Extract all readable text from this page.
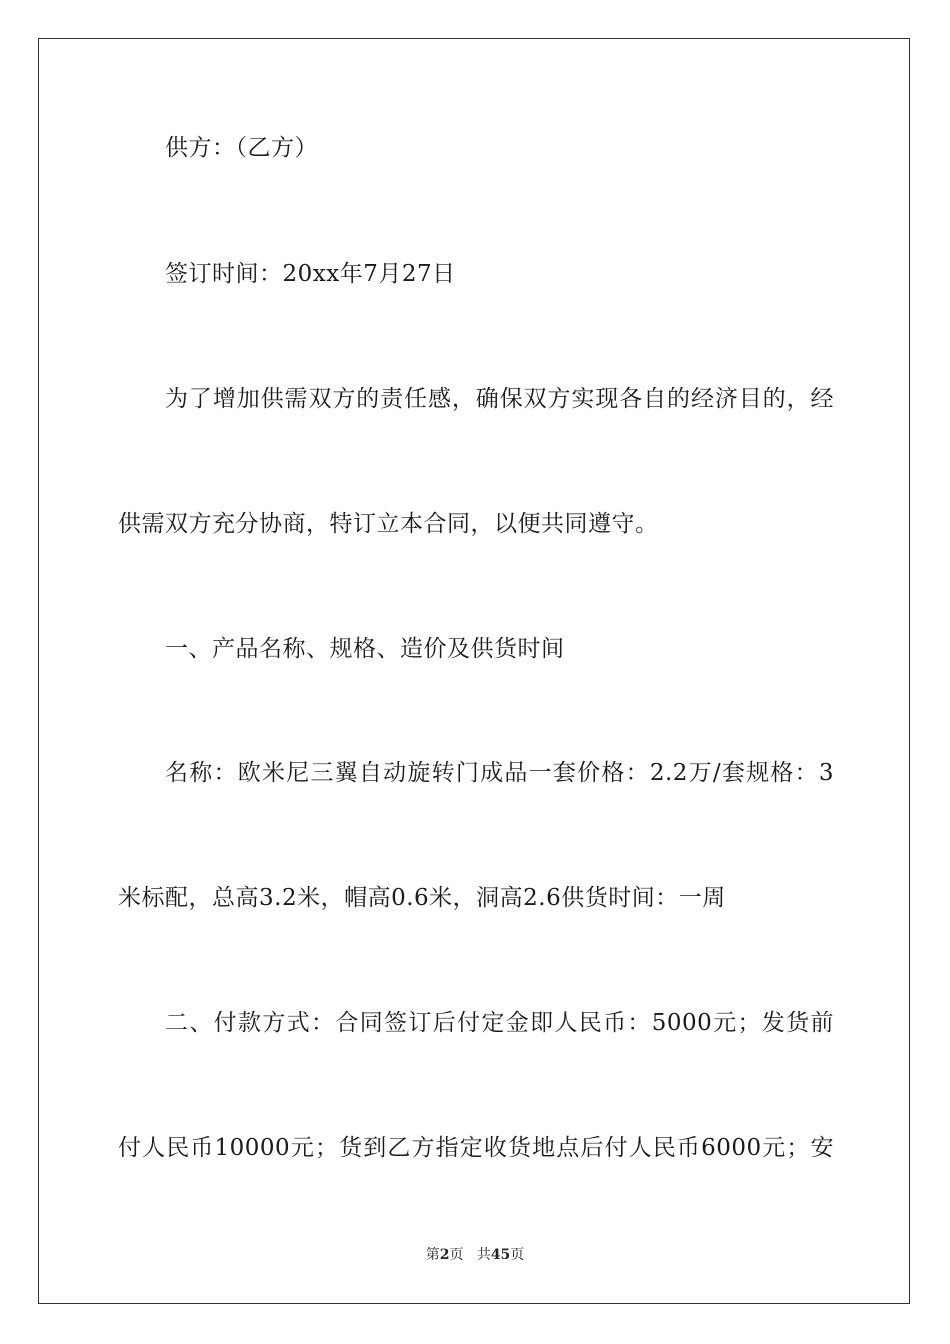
供方：（乙方）
签订时间：20xx年7月27日
为了增加供需双方的责任感，确保双方实现各自的经济目的，经
供需双方充分协商，特订立本合同，以便共同遵守。
一、产品名称、规格、造价及供货时间
名称：欧米尼三翼自动旋转门成品一套价格：2.2万/套规格：3
米标配，总高3.2米，帽高0.6米，洞高2.6供货时间：一周
二、付款方式：合同签订后付定金即人民币：5000元；发货前
付人民币10000元；货到乙方指定收货地点后付人民币6000元；安
第2页 共45页
